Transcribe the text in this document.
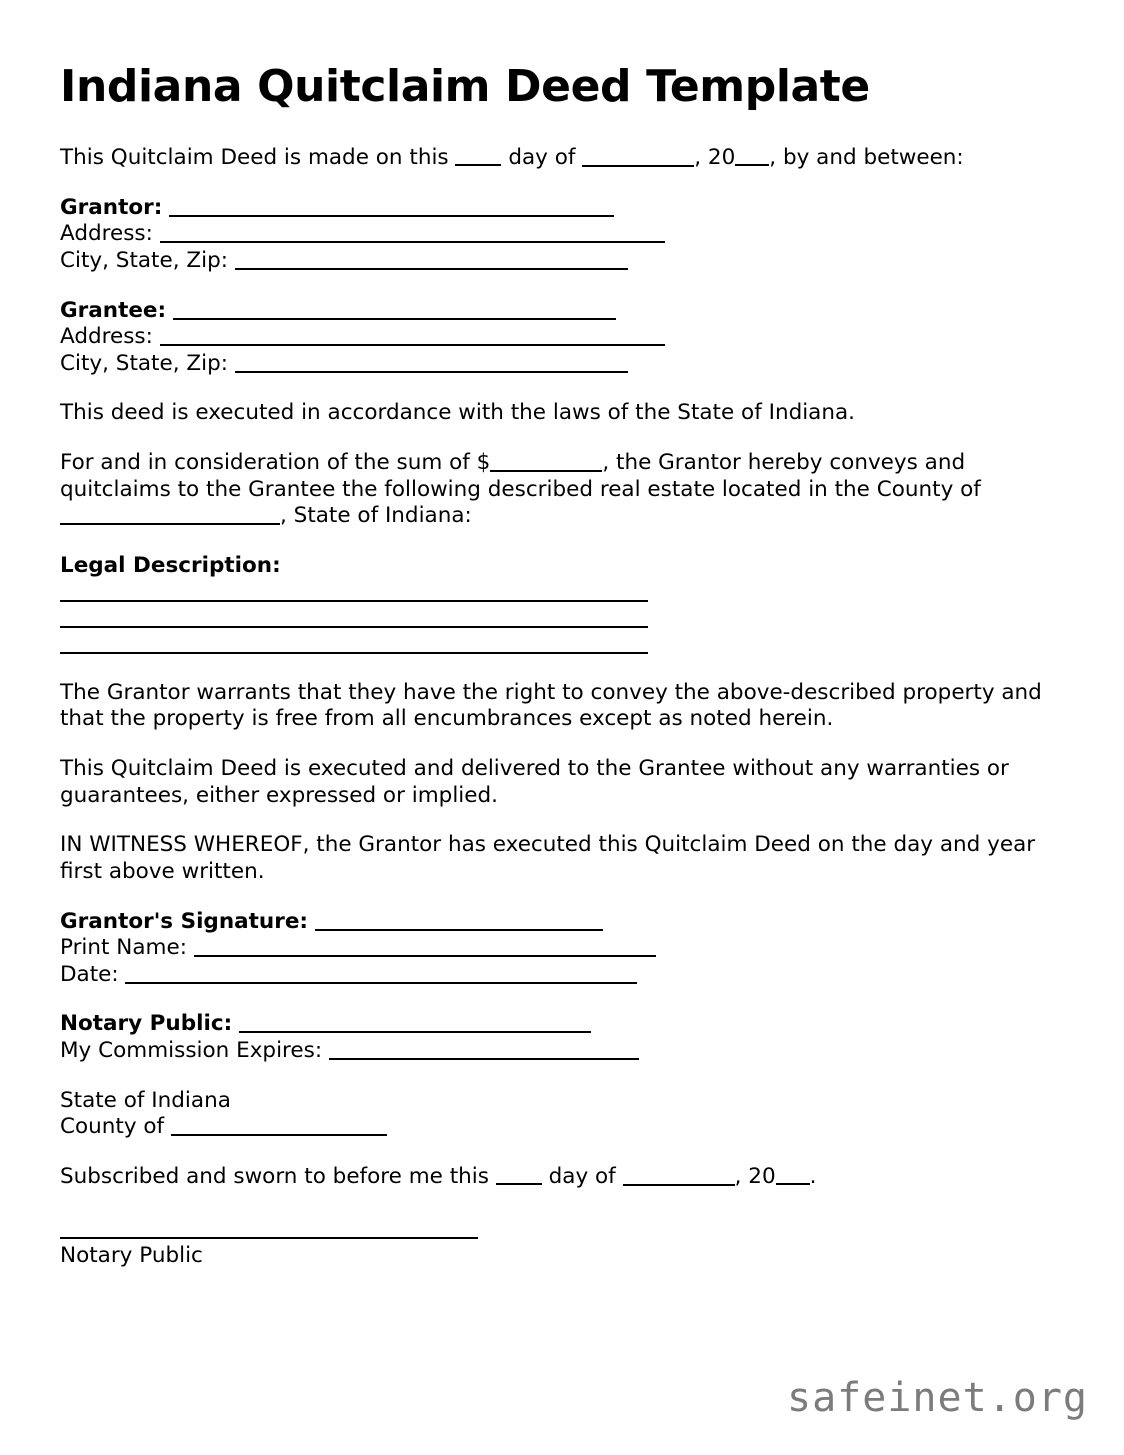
Indiana Quitclaim Deed Template

This Quitclaim Deed is made on this	day of	, 20 , by and between:

Grantor:
Address:
City, State, Zip:
Grantee:
Address:
City, State, Zip:

This deed is executed in accordance with the laws of the State of Indiana.

For and in consideration of the sum of $	, the Grantor hereby conveys and quitclaims to the Grantee the following described real estate located in the County of
, State of Indiana:

Legal Description:

The Grantor warrants that they have the right to convey the above-described property and that the property is free from all encumbrances except as noted herein.

This Quitclaim Deed is executed and delivered to the Grantee without any warranties or guarantees, either expressed or implied.

IN WITNESS WHEREOF, the Grantor has executed this Quitclaim Deed on the day and year first above written.

Grantor's Signature:
Print Name:
Date:
Notary Public:
My Commission Expires:
State of Indiana
County of

Subscribed and sworn to before me this	day of	, 20 .

Notary Public
safeinet.org
